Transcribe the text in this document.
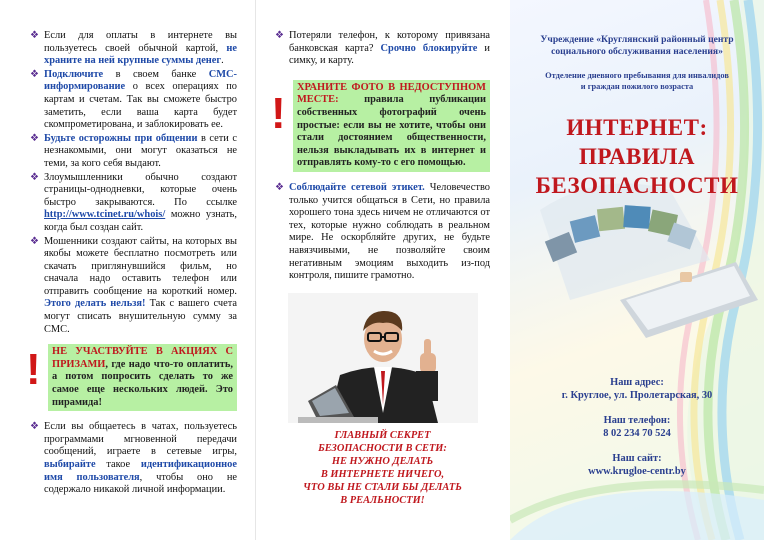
❖ Если для оплаты в интернете вы пользуетесь своей обычной картой, не храните на ней крупные суммы денег.

❖ Подключите в своем банке СМС-информирование о всех операциях по картам и счетам. Так вы сможете быстро заметить, если ваша карта будет скомпрометирована, и заблокировать ее.

❖ Будьте осторожны при общении в сети с незнакомыми, они могут оказаться не теми, за кого себя выдают.

❖ Злоумышленники обычно создают страницы-однодневки, которые очень быстро закрываются. По ссылке http://www.tcinet.ru/whois/ можно узнать, когда был создан сайт.

❖ Мошенники создают сайты, на которых вы якобы можете бесплатно посмотреть или скачать приглянувшийся фильм, но сначала надо оставить телефон или отправить сообщение на короткий номер. Этого делать нельзя! Так с вашего счета могут списать внушительную сумму за СМС.

! НЕ УЧАСТВУЙТЕ В АКЦИЯХ С ПРИЗАМИ, где надо что-то оплатить, а потом попросить сделать то же самое еще нескольких людей. Это пирамида!

❖ Если вы общаетесь в чатах, пользуетесь программами мгновенной передачи сообщений, играете в сетевые игры, выбирайте такое идентификационное имя пользователя, чтобы оно не содержало никакой личной информации.

❖ Потеряли телефон, к которому привязана банковская карта? Срочно блокируйте и симку, и карту.

!

ХРАНИТЕ ФОТО В НЕДОСТУПНОМ МЕСТЕ: правила публикации собственных фотографий очень простые: если вы не хотите, чтобы они стали достоянием общественности, нельзя выкладывать их в интернет и отправлять кому-то с его помощью.

❖ Соблюдайте сетевой этикет. Человечество только учится общаться в Сети, но правила хорошего тона здесь ничем не отличаются от тех, которые нужно соблюдать в реальном мире. Не оскорбляйте других, не будьте навязчивыми, не позволяйте своим негативным эмоциям выходить из-под контроля, пишите грамотно.

ГЛАВНЫЙ СЕКРЕТ
БЕЗОПАСНОСТИ В СЕТИ:
НЕ НУЖНО ДЕЛАТЬ
В ИНТЕРНЕТЕ НИЧЕГО,
ЧТО ВЫ НЕ СТАЛИ БЫ ДЕЛАТЬ
В РЕАЛЬНОСТИ!
Учреждение «Круглянский районный центр
социального обслуживания населения»
Отделение дневного пребывания для инвалидов
и граждан пожилого возраста
ИНТЕРНЕТ:
ПРАВИЛА
БЕЗОПАСНОСТИ
Наш адрес:
г. Круглое, ул. Пролетарская, 30
Наш телефон:
8 02 234 70 524
Наш сайт:
www.krugloe-centr.by
